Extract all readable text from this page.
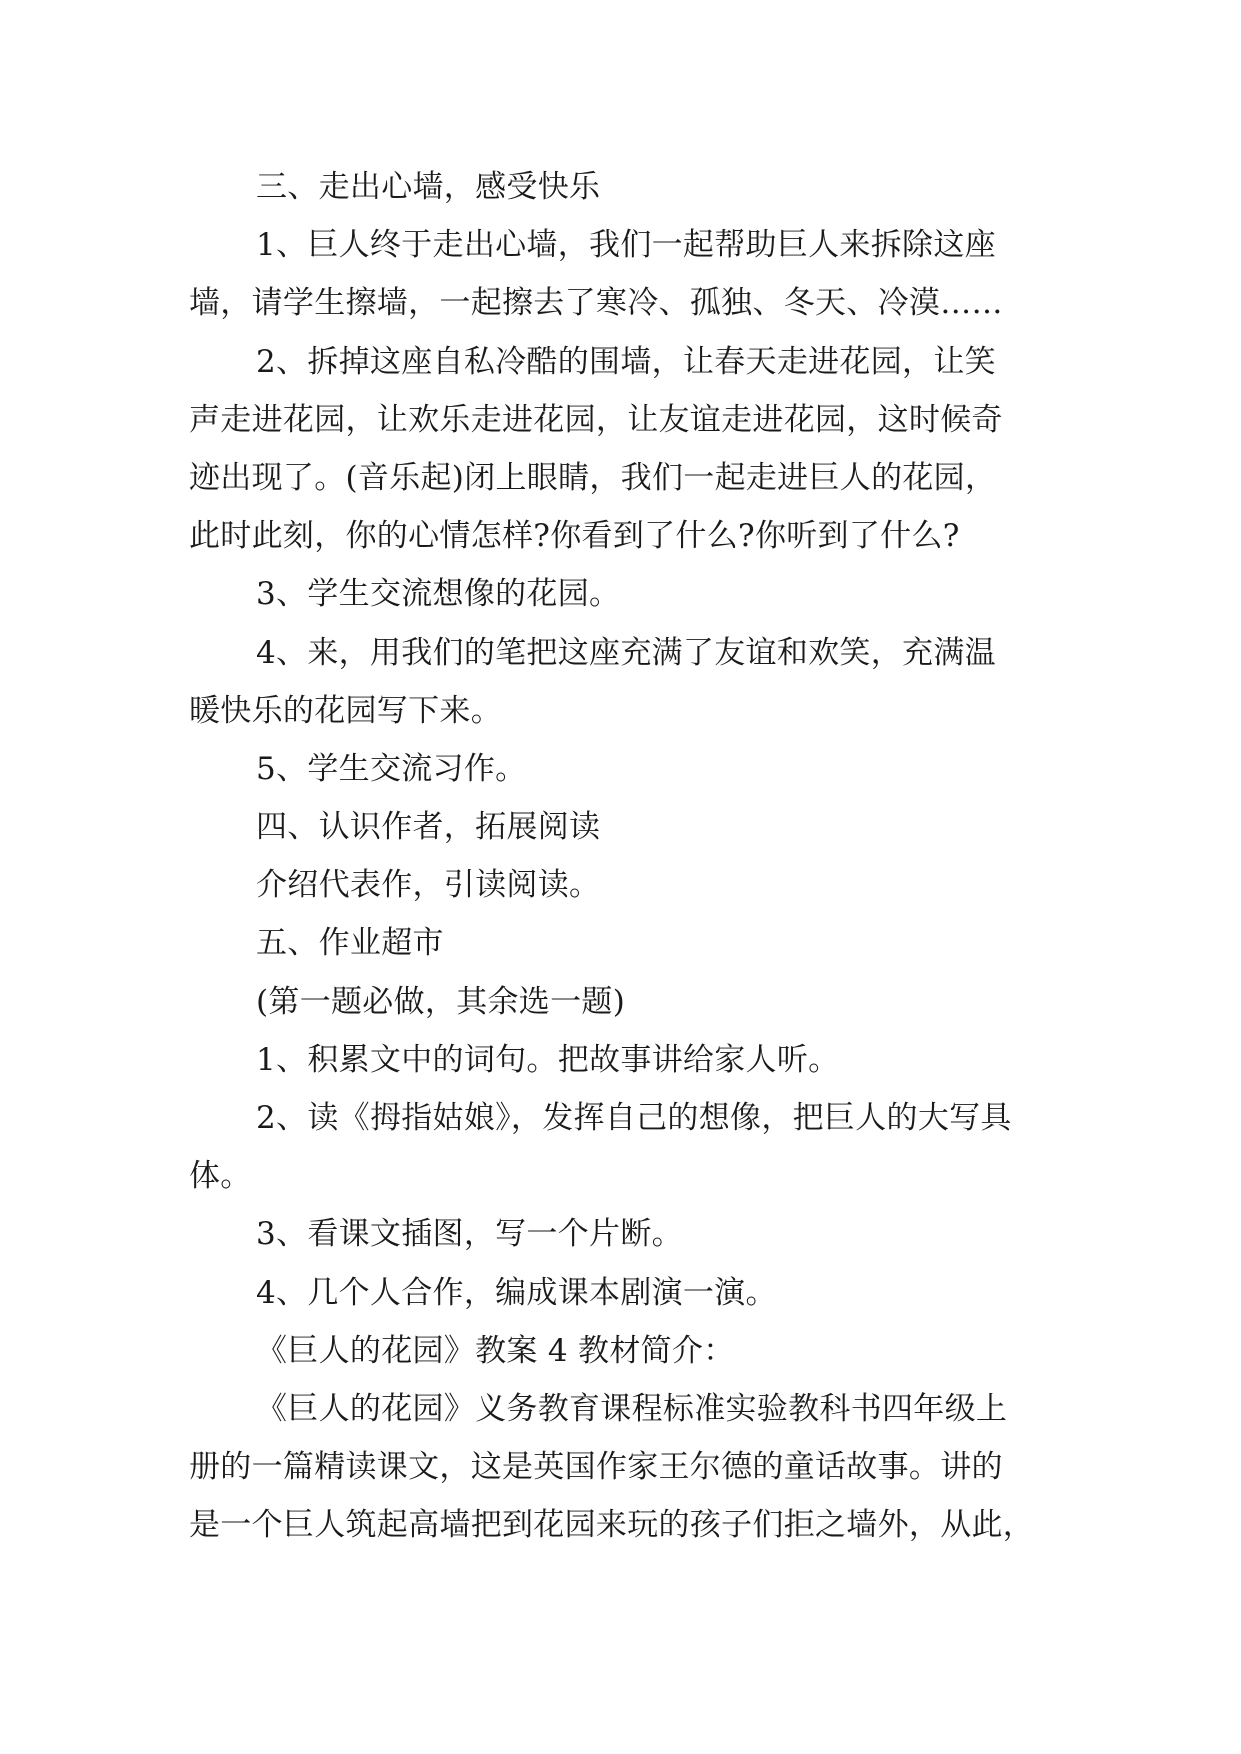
三、走出心墙，感受快乐
1、巨人终于走出心墙，我们一起帮助巨人来拆除这座
墙，请学生擦墙，一起擦去了寒冷、孤独、冬天、冷漠……
2、拆掉这座自私冷酷的围墙，让春天走进花园，让笑
声走进花园，让欢乐走进花园，让友谊走进花园，这时候奇
迹出现了。(音乐起)闭上眼睛，我们一起走进巨人的花园，
此时此刻，你的心情怎样?你看到了什么?你听到了什么?
3、学生交流想像的花园。
4、来，用我们的笔把这座充满了友谊和欢笑，充满温
暖快乐的花园写下来。
5、学生交流习作。
四、认识作者，拓展阅读
介绍代表作，引读阅读。
五、作业超市
(第一题必做，其余选一题)
1、积累文中的词句。把故事讲给家人听。
2、读《拇指姑娘》，发挥自己的想像，把巨人的大写具
体。
3、看课文插图，写一个片断。
4、几个人合作，编成课本剧演一演。
《巨人的花园》教案 4 教材简介：
《巨人的花园》义务教育课程标准实验教科书四年级上
册的一篇精读课文，这是英国作家王尔德的童话故事。讲的
是一个巨人筑起高墙把到花园来玩的孩子们拒之墙外，从此，
